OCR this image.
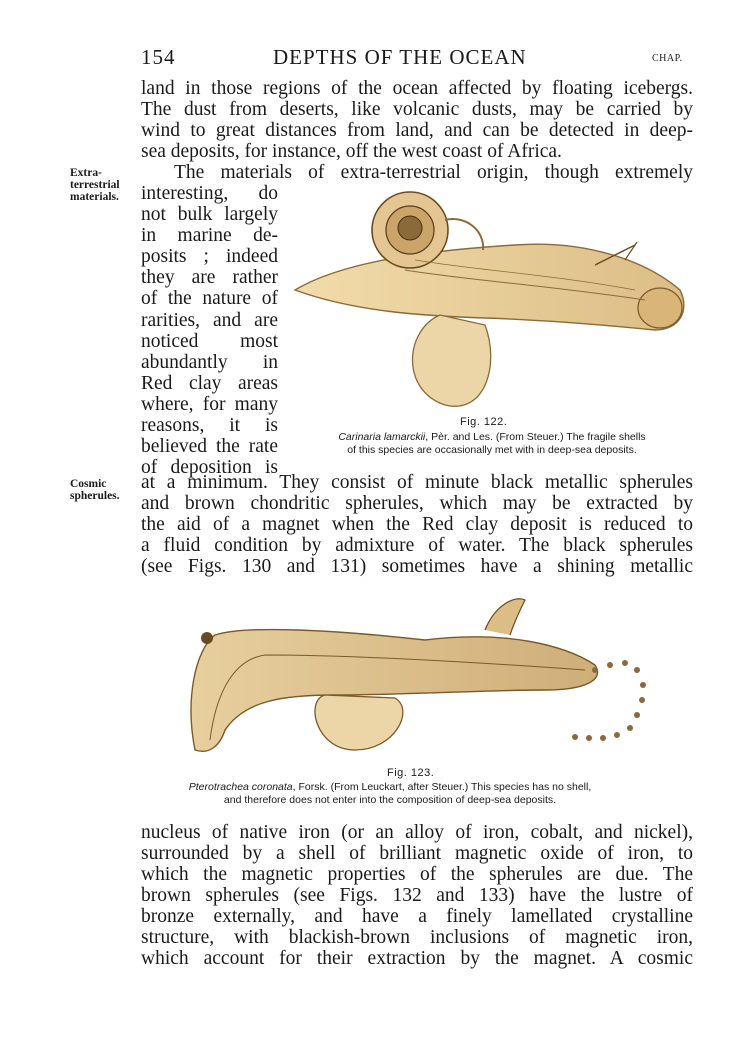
154	DEPTHS OF THE OCEAN	CHAP.
land in those regions of the ocean affected by floating icebergs.
The dust from deserts, like volcanic dusts, may be carried by
wind to great distances from land, and can be detected in deep-
sea deposits, for instance, off the west coast of Africa.
Extra-
terrestrial
materials.
The materials of extra-terrestrial origin, though extremely
interesting, do
not bulk largely
in marine de-
posits ; indeed
they are rather
of the nature of
rarities, and are
noticed most
abundantly in
Red clay areas
where, for many
reasons, it is
believed the rate
of deposition is
Fig. 122.
Carinaria lamarckii, Pèr. and Les. (From Steuer.) The fragile shells
of this species are occasionally met with in deep-sea deposits.
Cosmic
spherules.
at a minimum. They consist of minute black metallic spherules
and brown chondritic spherules, which may be extracted by
the aid of a magnet when the Red clay deposit is reduced to
a fluid condition by admixture of water. The black spherules
(see Figs. 130 and 131) sometimes have a shining metallic
Fig. 123.
Pterotrachea coronata, Forsk. (From Leuckart, after Steuer.) This species has no shell,
and therefore does not enter into the composition of deep-sea deposits.
nucleus of native iron (or an alloy of iron, cobalt, and nickel),
surrounded by a shell of brilliant magnetic oxide of iron, to
which the magnetic properties of the spherules are due. The
brown spherules (see Figs. 132 and 133) have the lustre of
bronze externally, and have a finely lamellated crystalline
structure, with blackish-brown inclusions of magnetic iron,
which account for their extraction by the magnet. A cosmic
